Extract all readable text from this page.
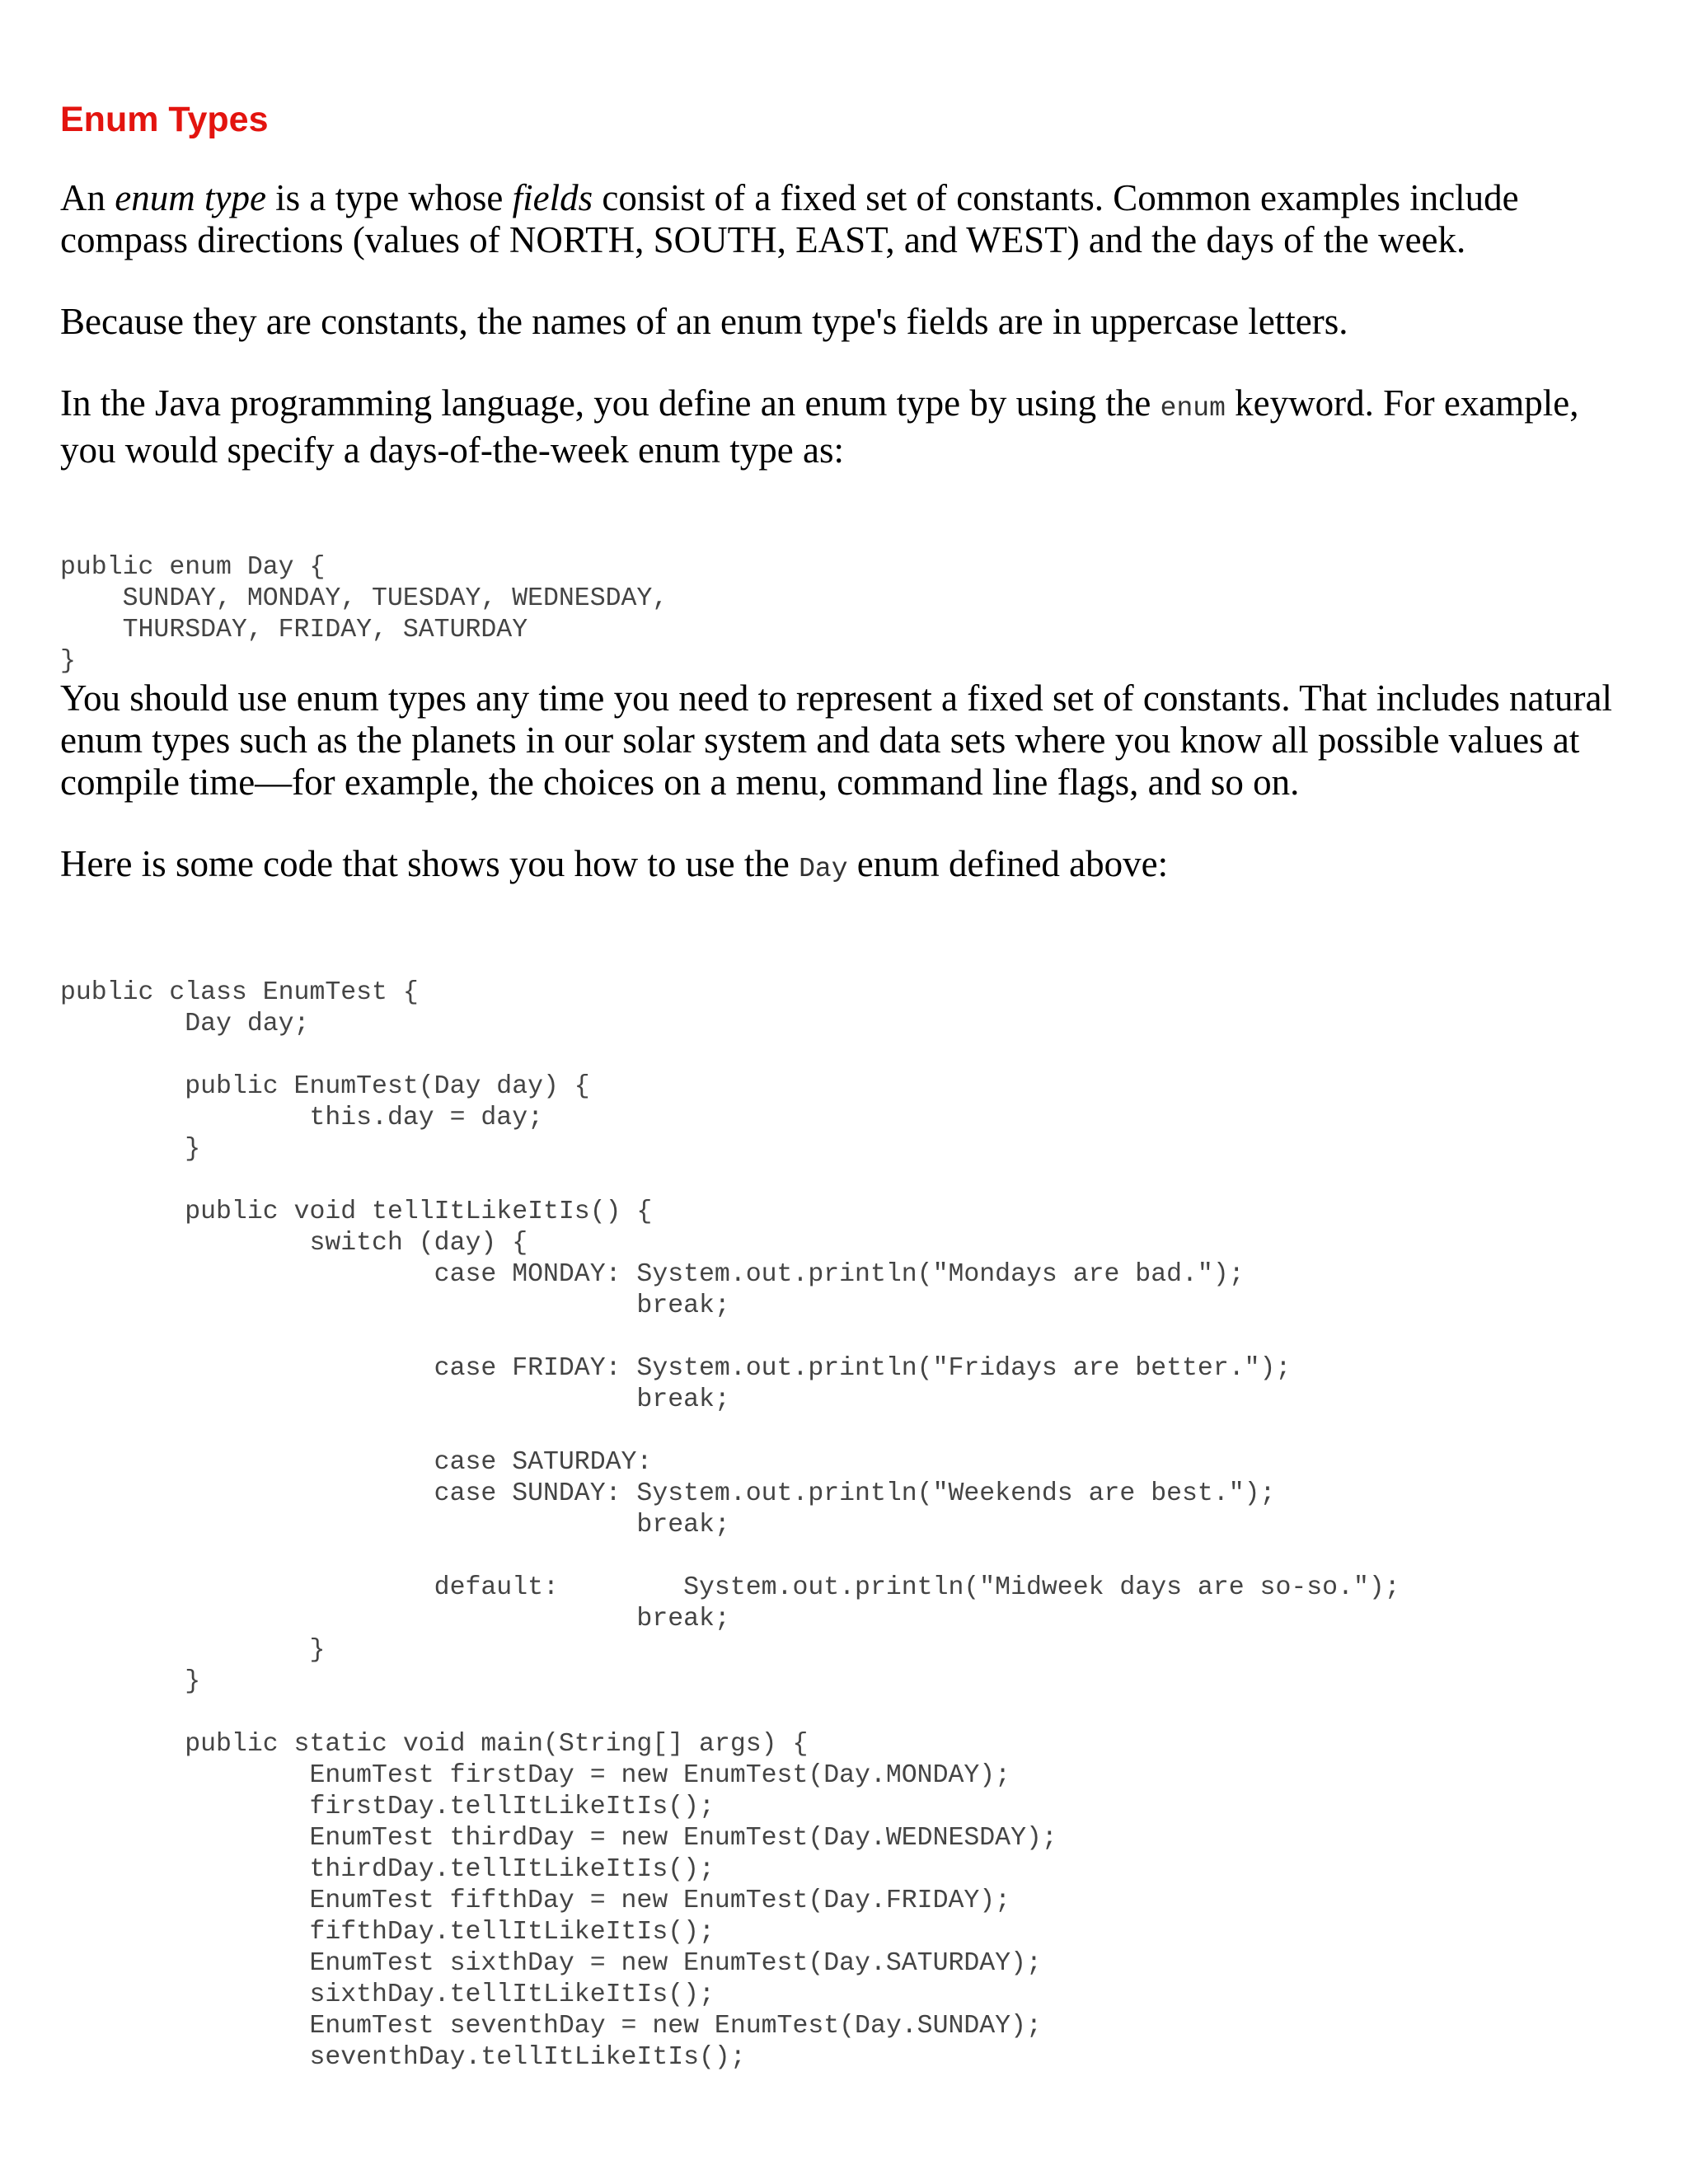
Enum Types

An enum type is a type whose fields consist of a fixed set of constants. Common examples include compass directions (values of NORTH, SOUTH, EAST, and WEST) and the days of the week.

Because they are constants, the names of an enum type's fields are in uppercase letters.

In the Java programming language, you define an enum type by using the enum keyword. For example, you would specify a days-of-the-week enum type as:

public enum Day {
SUNDAY, MONDAY, TUESDAY, WEDNESDAY,
THURSDAY, FRIDAY, SATURDAY
}

You should use enum types any time you need to represent a fixed set of constants. That includes natural enum types such as the planets in our solar system and data sets where you know all possible values at compile time—for example, the choices on a menu, command line flags, and so on.

Here is some code that shows you how to use the Day enum defined above:

public class EnumTest {
Day day;

public EnumTest(Day day) {
this.day = day;
}

public void tellItLikeItIs() {
switch (day) {
case MONDAY: System.out.println("Mondays are bad.");
break;

case FRIDAY: System.out.println("Fridays are better.");
break;

case SATURDAY:
case SUNDAY: System.out.println("Weekends are best.");
break;

default:        System.out.println("Midweek days are so-so.");
break;
}
}

public static void main(String[] args) {
EnumTest firstDay = new EnumTest(Day.MONDAY);
firstDay.tellItLikeItIs();
EnumTest thirdDay = new EnumTest(Day.WEDNESDAY);
thirdDay.tellItLikeItIs();
EnumTest fifthDay = new EnumTest(Day.FRIDAY);
fifthDay.tellItLikeItIs();
EnumTest sixthDay = new EnumTest(Day.SATURDAY);
sixthDay.tellItLikeItIs();
EnumTest seventhDay = new EnumTest(Day.SUNDAY);
seventhDay.tellItLikeItIs();
